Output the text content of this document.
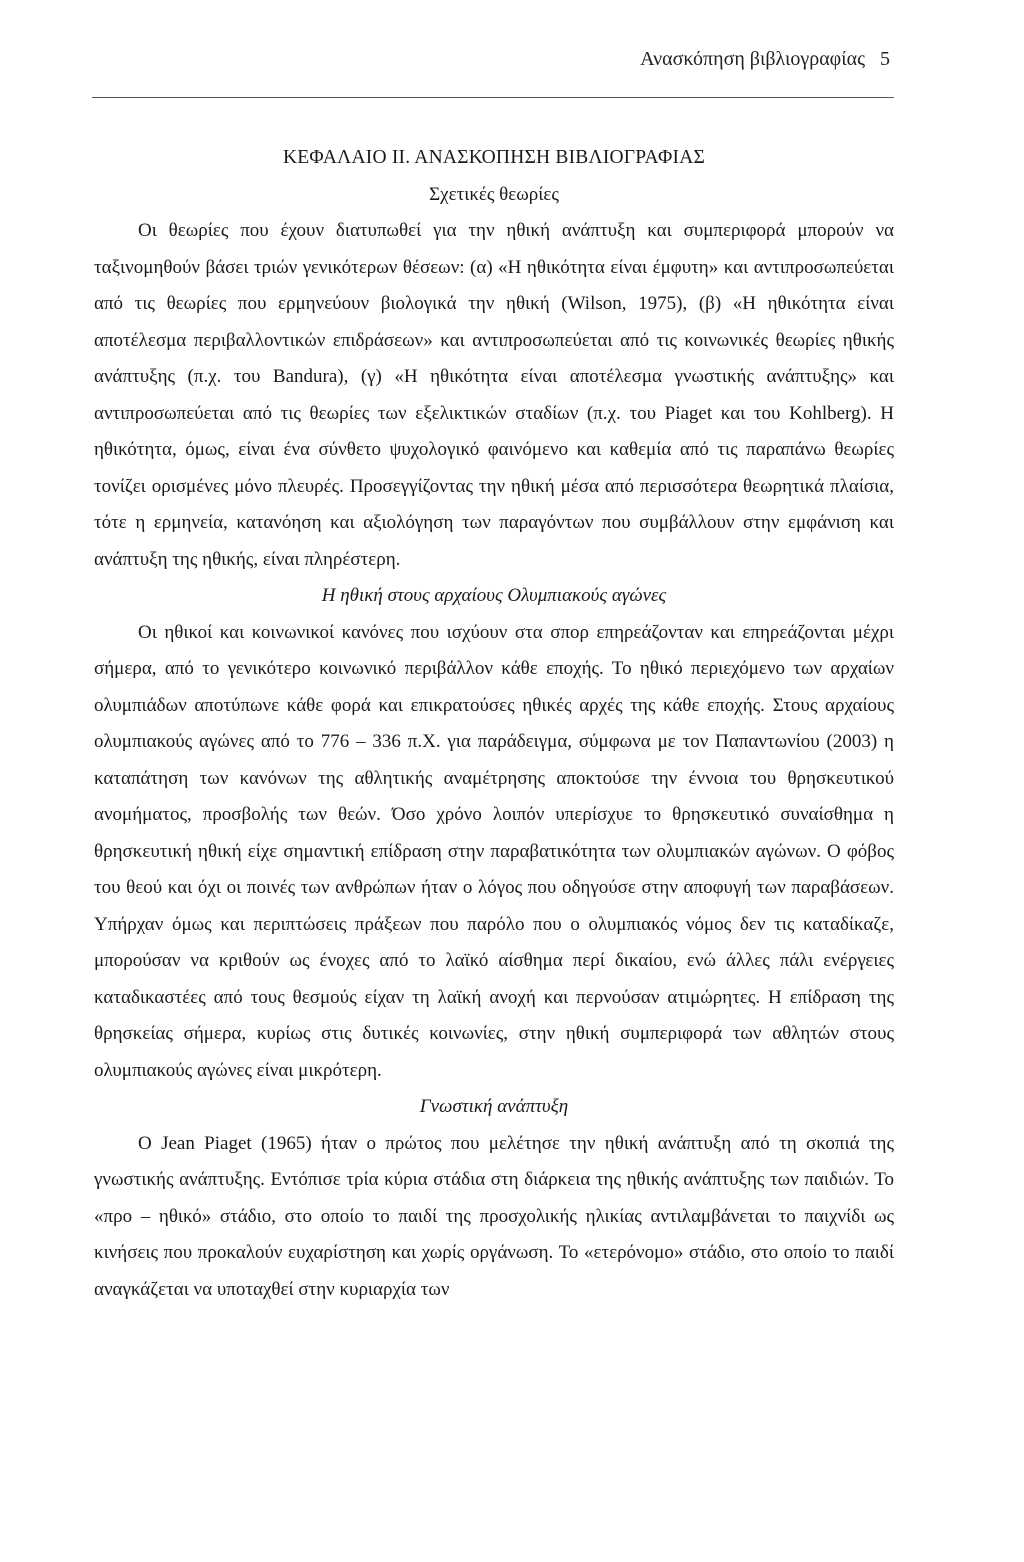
Ανασκόπηση βιβλιογραφίας 5
ΚΕΦΑΛΑΙΟ ΙΙ. ΑΝΑΣΚΟΠΗΣΗ ΒΙΒΛΙΟΓΡΑΦΙΑΣ
Σχετικές θεωρίες

Οι θεωρίες που έχουν διατυπωθεί για την ηθική ανάπτυξη και συμπεριφορά μπορούν να ταξινομηθούν βάσει τριών γενικότερων θέσεων: (α) «Η ηθικότητα είναι έμφυτη» και αντιπροσωπεύεται από τις θεωρίες που ερμηνεύουν βιολογικά την ηθική (Wilson, 1975), (β) «Η ηθικότητα είναι αποτέλεσμα περιβαλλοντικών επιδράσεων» και αντιπροσωπεύεται από τις κοινωνικές θεωρίες ηθικής ανάπτυξης (π.χ. του Bandura), (γ) «Η ηθικότητα είναι αποτέλεσμα γνωστικής ανάπτυξης» και αντιπροσωπεύεται από τις θεωρίες των εξελικτικών σταδίων (π.χ. του Piaget και του Kohlberg). Η ηθικότητα, όμως, είναι ένα σύνθετο ψυχολογικό φαινόμενο και καθεμία από τις παραπάνω θεωρίες τονίζει ορισμένες μόνο πλευρές. Προσεγγίζοντας την ηθική μέσα από περισσότερα θεωρητικά πλαίσια, τότε η ερμηνεία, κατανόηση και αξιολόγηση των παραγόντων που συμβάλλουν στην εμφάνιση και ανάπτυξη της ηθικής, είναι πληρέστερη.

Η ηθική στους αρχαίους Ολυμπιακούς αγώνες

Οι ηθικοί και κοινωνικοί κανόνες που ισχύουν στα σπορ επηρεάζονταν και επηρεάζονται μέχρι σήμερα, από το γενικότερο κοινωνικό περιβάλλον κάθε εποχής. Το ηθικό περιεχόμενο των αρχαίων ολυμπιάδων αποτύπωνε κάθε φορά και επικρατούσες ηθικές αρχές της κάθε εποχής. Στους αρχαίους ολυμπιακούς αγώνες από το 776 – 336 π.Χ. για παράδειγμα, σύμφωνα με τον Παπαντωνίου (2003) η καταπάτηση των κανόνων της αθλητικής αναμέτρησης αποκτούσε την έννοια του θρησκευτικού ανομήματος, προσβολής των θεών. Όσο χρόνο λοιπόν υπερίσχυε το θρησκευτικό συναίσθημα η θρησκευτική ηθική είχε σημαντική επίδραση στην παραβατικότητα των ολυμπιακών αγώνων. Ο φόβος του θεού και όχι οι ποινές των ανθρώπων ήταν ο λόγος που οδηγούσε στην αποφυγή των παραβάσεων. Υπήρχαν όμως και περιπτώσεις πράξεων που παρόλο που ο ολυμπιακός νόμος δεν τις καταδίκαζε, μπορούσαν να κριθούν ως ένοχες από το λαϊκό αίσθημα περί δικαίου, ενώ άλλες πάλι ενέργειες καταδικαστέες από τους θεσμούς είχαν τη λαϊκή ανοχή και περνούσαν ατιμώρητες. Η επίδραση της θρησκείας σήμερα, κυρίως στις δυτικές κοινωνίες, στην ηθική συμπεριφορά των αθλητών στους ολυμπιακούς αγώνες είναι μικρότερη.

Γνωστική ανάπτυξη

Ο Jean Piaget (1965) ήταν ο πρώτος που μελέτησε την ηθική ανάπτυξη από τη σκοπιά της γνωστικής ανάπτυξης. Εντόπισε τρία κύρια στάδια στη διάρκεια της ηθικής ανάπτυξης των παιδιών. Το «προ – ηθικό» στάδιο, στο οποίο το παιδί της προσχολικής ηλικίας αντιλαμβάνεται το παιχνίδι ως κινήσεις που προκαλούν ευχαρίστηση και χωρίς οργάνωση. Το «ετερόνομο» στάδιο, στο οποίο το παιδί αναγκάζεται να υποταχθεί στην κυριαρχία των
